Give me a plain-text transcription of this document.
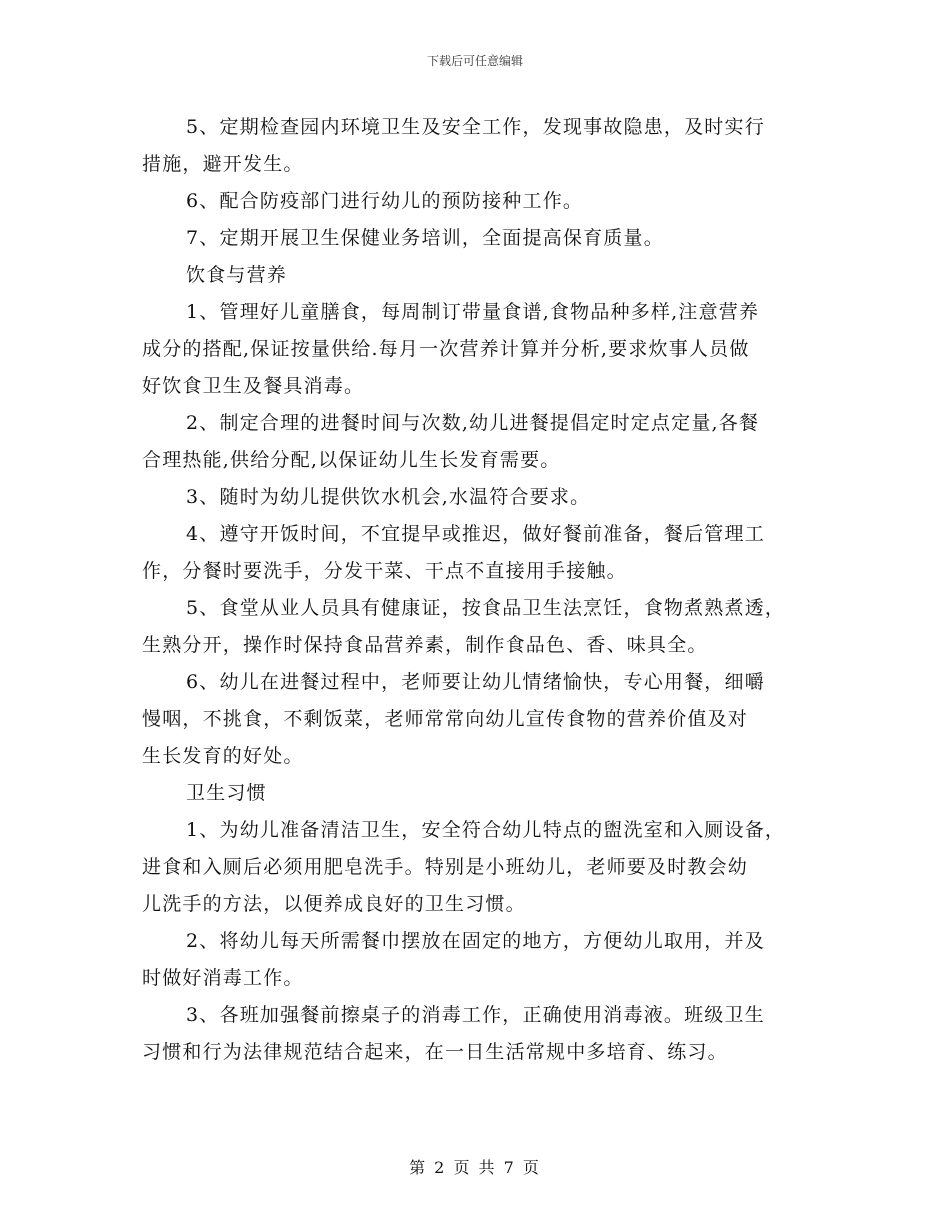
下载后可任意编辑
5、定期检查园内环境卫生及安全工作，发现事故隐患，及时实行
措施，避开发生。
6、配合防疫部门进行幼儿的预防接种工作。
7、定期开展卫生保健业务培训，全面提高保育质量。
饮食与营养
1、管理好儿童膳食，每周制订带量食谱,食物品种多样,注意营养
成分的搭配,保证按量供给.每月一次营养计算并分析,要求炊事人员做
好饮食卫生及餐具消毒。
2、制定合理的进餐时间与次数,幼儿进餐提倡定时定点定量,各餐
合理热能,供给分配,以保证幼儿生长发育需要。
3、随时为幼儿提供饮水机会,水温符合要求。
4、遵守开饭时间，不宜提早或推迟，做好餐前准备，餐后管理工
作，分餐时要洗手，分发干菜、干点不直接用手接触。
5、食堂从业人员具有健康证，按食品卫生法烹饪，食物煮熟煮透，
生熟分开，操作时保持食品营养素，制作食品色、香、味具全。
6、幼儿在进餐过程中，老师要让幼儿情绪愉快，专心用餐，细嚼
慢咽，不挑食，不剩饭菜，老师常常向幼儿宣传食物的营养价值及对
生长发育的好处。
卫生习惯
1、为幼儿准备清洁卫生，安全符合幼儿特点的盥洗室和入厕设备，
进食和入厕后必须用肥皂洗手。特别是小班幼儿，老师要及时教会幼
儿洗手的方法，以便养成良好的卫生习惯。
2、将幼儿每天所需餐巾摆放在固定的地方，方便幼儿取用，并及
时做好消毒工作。
3、各班加强餐前擦桌子的消毒工作，正确使用消毒液。班级卫生
习惯和行为法律规范结合起来，在一日生活常规中多培育、练习。
第 2 页 共 7 页
